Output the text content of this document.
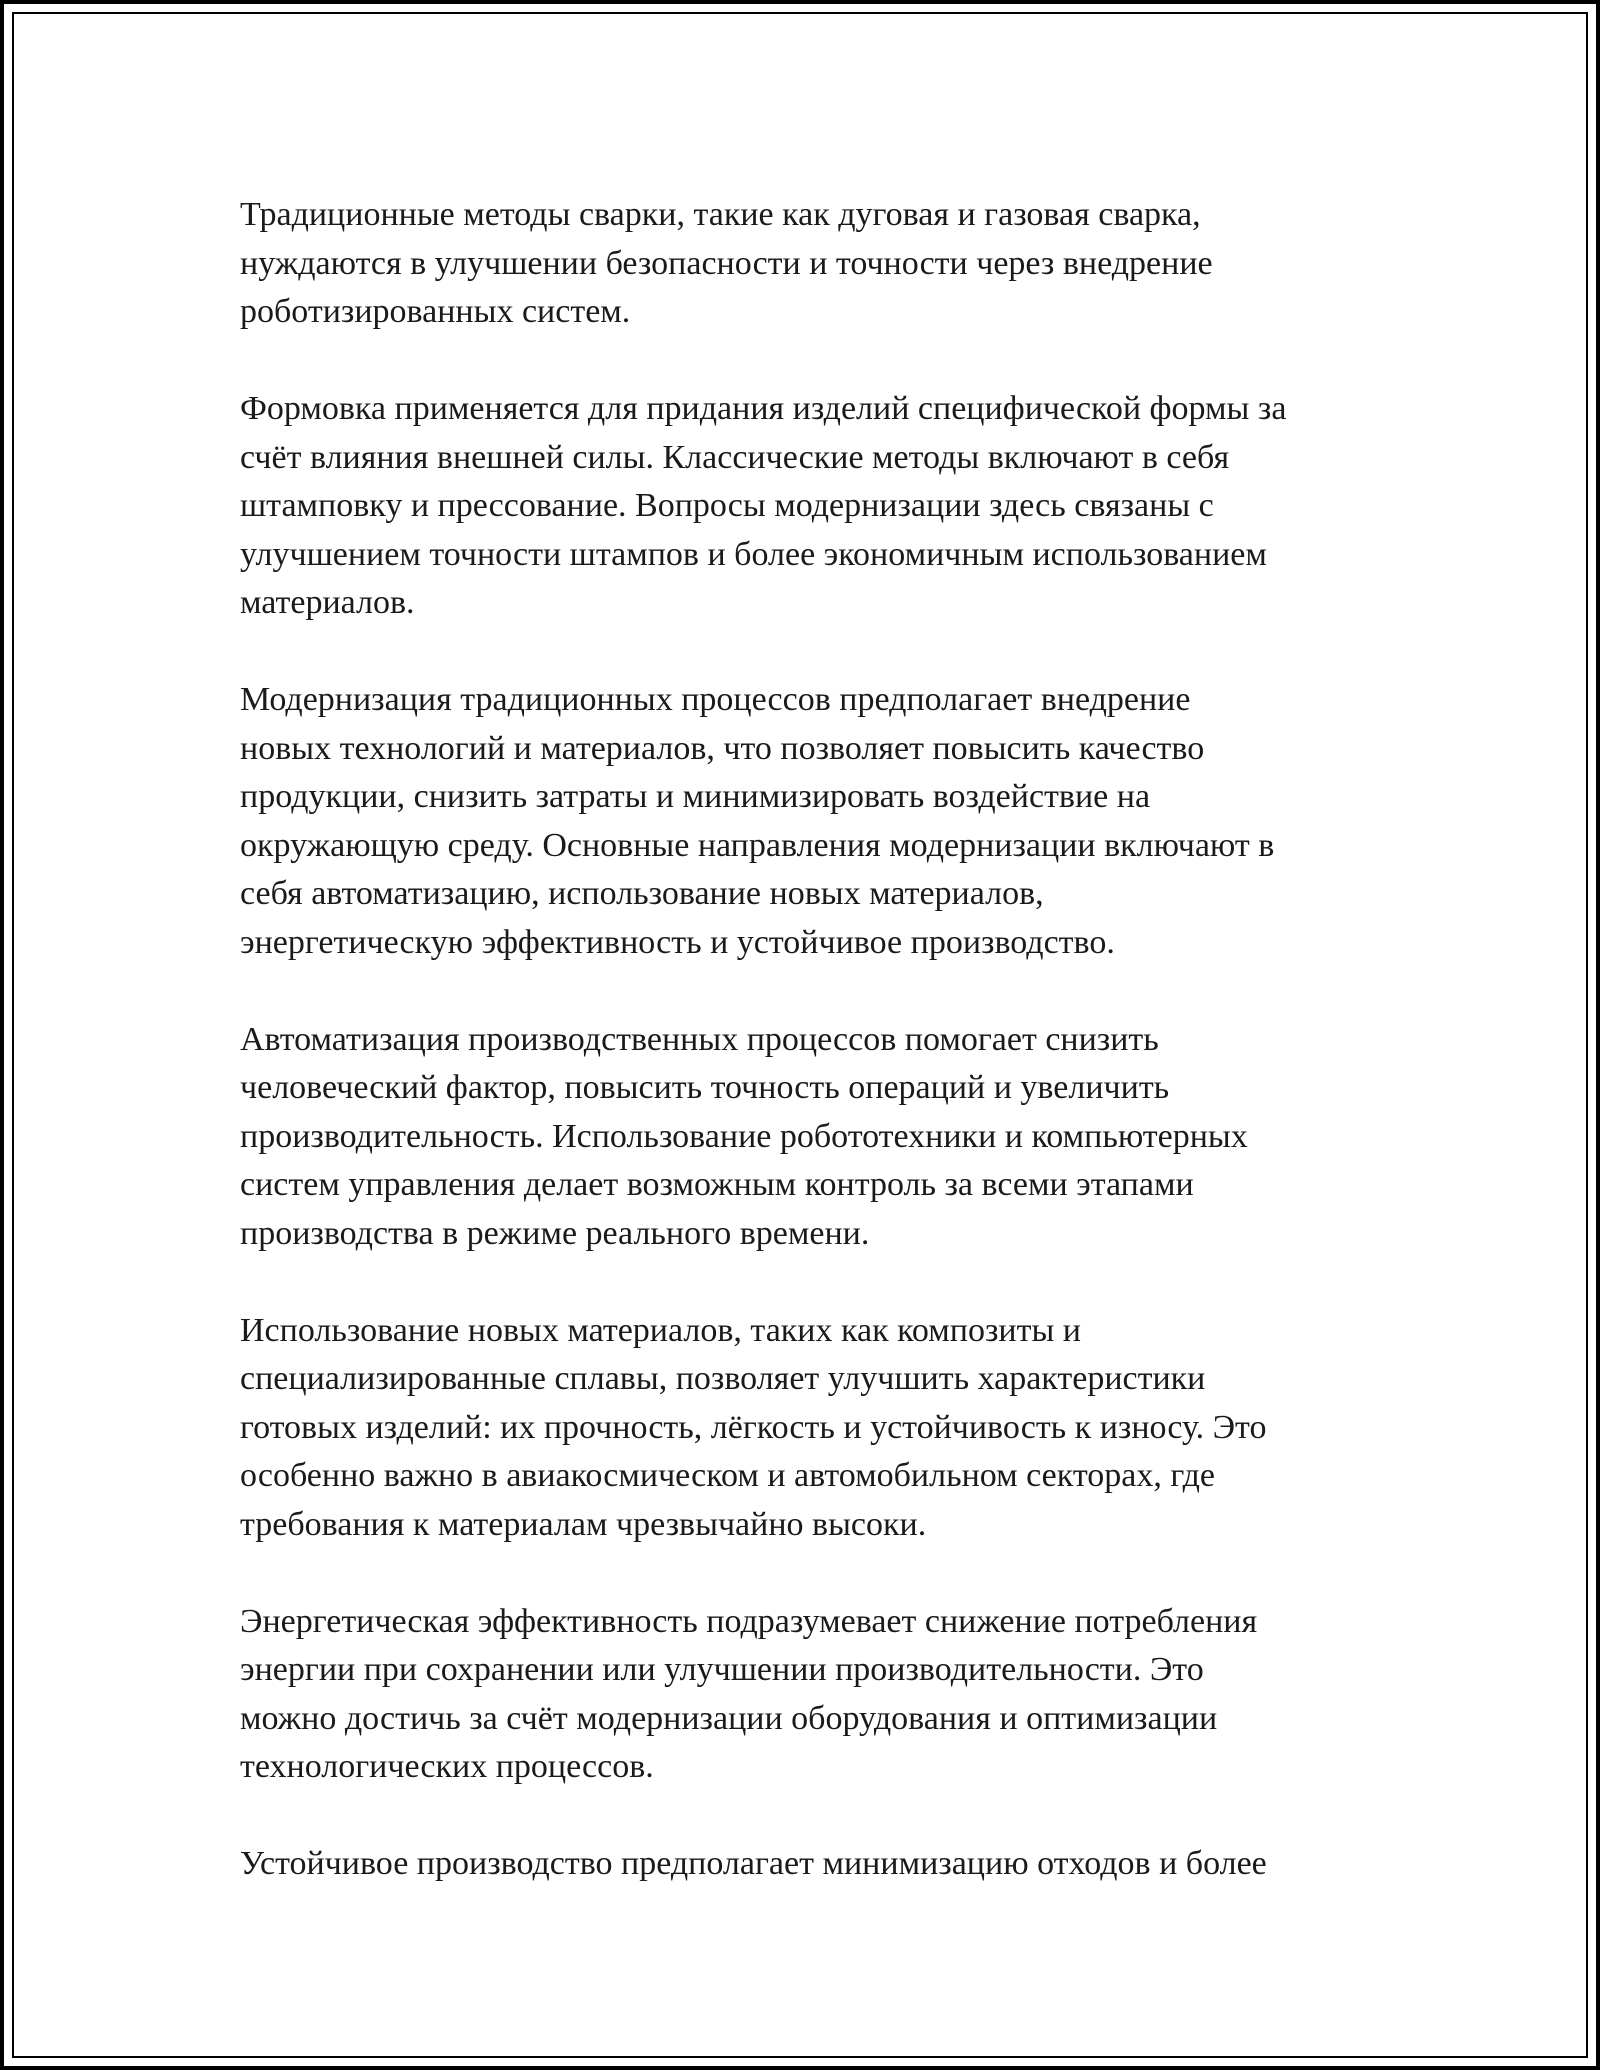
Традиционные методы сварки, такие как дуговая и газовая сварка,
нуждаются в улучшении безопасности и точности через внедрение
роботизированных систем.

Формовка применяется для придания изделий специфической формы за
счёт влияния внешней силы. Классические методы включают в себя
штамповку и прессование. Вопросы модернизации здесь связаны с
улучшением точности штампов и более экономичным использованием
материалов.

Модернизация традиционных процессов предполагает внедрение
новых технологий и материалов, что позволяет повысить качество
продукции, снизить затраты и минимизировать воздействие на
окружающую среду. Основные направления модернизации включают в
себя автоматизацию, использование новых материалов,
энергетическую эффективность и устойчивое производство.

Автоматизация производственных процессов помогает снизить
человеческий фактор, повысить точность операций и увеличить
производительность. Использование робототехники и компьютерных
систем управления делает возможным контроль за всеми этапами
производства в режиме реального времени.

Использование новых материалов, таких как композиты и
специализированные сплавы, позволяет улучшить характеристики
готовых изделий: их прочность, лёгкость и устойчивость к износу. Это
особенно важно в авиакосмическом и автомобильном секторах, где
требования к материалам чрезвычайно высоки.

Энергетическая эффективность подразумевает снижение потребления
энергии при сохранении или улучшении производительности. Это
можно достичь за счёт модернизации оборудования и оптимизации
технологических процессов.

Устойчивое производство предполагает минимизацию отходов и более
